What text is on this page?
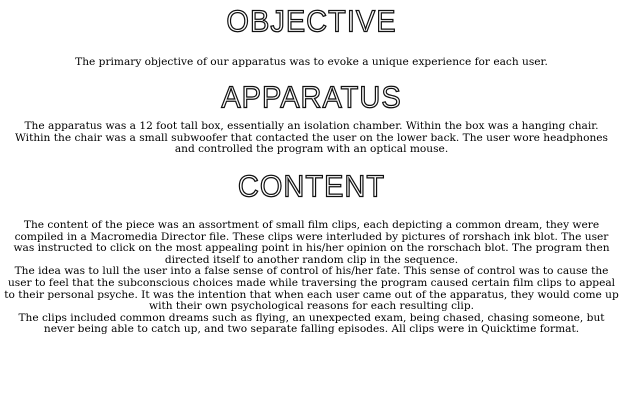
OBJECTIVE
The primary objective of our apparatus was to evoke a unique experience for each user.
APPARATUS
The apparatus was a 12 foot tall box, essentially an isolation chamber. Within the box was a hanging chair. Within the chair was a small subwoofer that contacted the user on the lower back. The user wore headphones and controlled the program with an optical mouse.
CONTENT
The content of the piece was an assortment of small film clips, each depicting a common dream, they were compiled in a Macromedia Director file. These clips were interluded by pictures of rorshach ink blot. The user was instructed to click on the most appealing point in his/her opinion on the rorschach blot. The program then directed itself to another random clip in the sequence.
The idea was to lull the user into a false sense of control of his/her fate. This sense of control was to cause the user to feel that the subconscious choices made while traversing the program caused certain film clips to appeal to their personal psyche. It was the intention that when each user came out of the apparatus, they would come up with their own psychological reasons for each resulting clip.
The clips included common dreams such as flying, an unexpected exam, being chased, chasing someone, but never being able to catch up, and two separate falling episodes. All clips were in Quicktime format.
